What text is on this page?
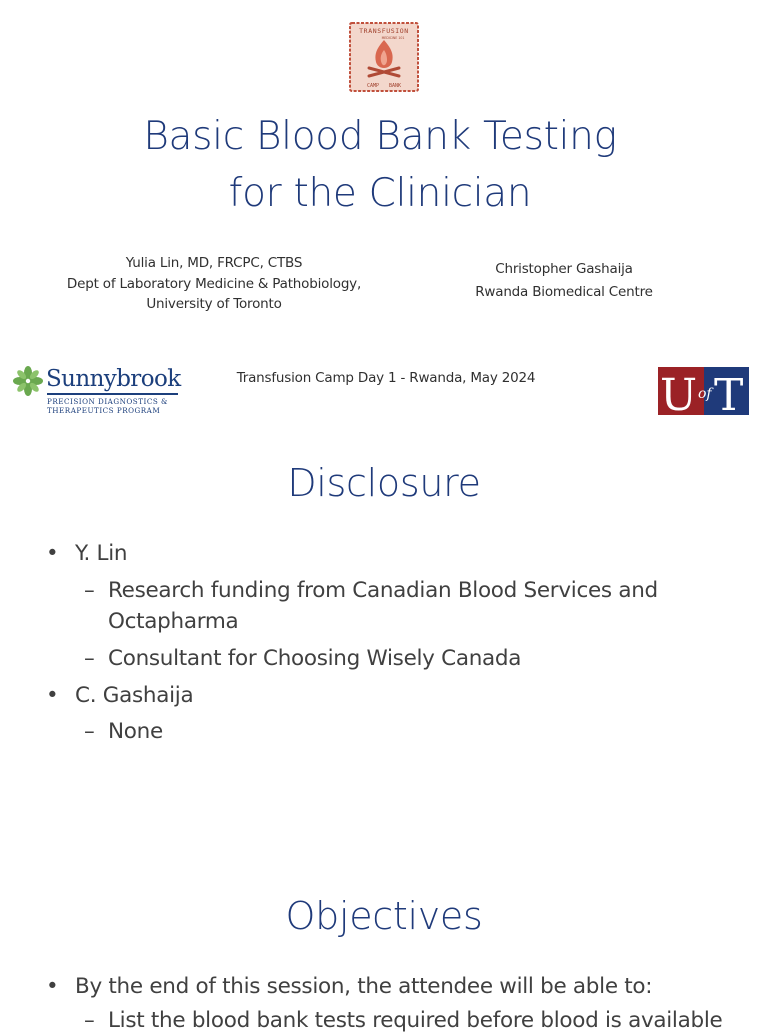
TRANSFUSION
MEDICINE 101
CAMP BANK
Basic Blood Bank Testing
for the Clinician
Yulia Lin, MD, FRCPC, CTBS
Dept of Laboratory Medicine & Pathobiology,
University of Toronto
Christopher Gashaija
Rwanda Biomedical Centre
Sunnybrook
PRECISION DIAGNOSTICS &
THERAPEUTICS PROGRAM
Transfusion Camp Day 1 - Rwanda, May 2024	U of T
Disclosure
• Y. Lin
– Research funding from Canadian Blood Services and
Octapharma
– Consultant for Choosing Wisely Canada
• C. Gashaija
– None
Objectives
• By the end of this session, the attendee will be able to:
– List the blood bank tests required before blood is available
